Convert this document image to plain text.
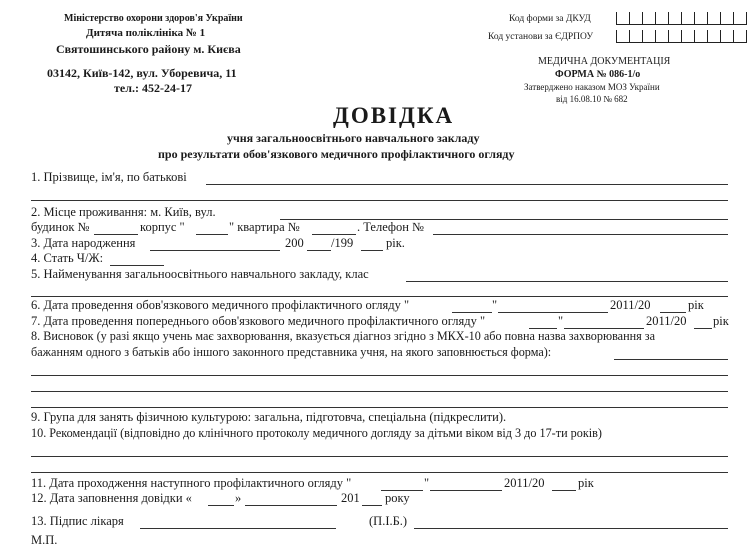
Міністерство охорони здоров'я України
Дитяча поліклініка № 1
Святошинського району м. Києва
03142, Київ-142, вул. Уборевича, 11
тел.: 452-24-17
Код форми за ДКУД
Код установи за ЄДРПОУ
МЕДИЧНА ДОКУМЕНТАЦІЯ
ФОРМА № 086-1/о
Затверджено наказом МОЗ України
від 16.08.10 № 682
ДОВІДКА
учня загальноосвітнього навчального закладу
про результати обов'язкового медичного профілактичного огляду
1. Прізвище, ім'я, по батькові
2. Місце проживання: м. Київ, вул.
будинок №	корпус "	" квартира №	. Телефон №
3. Дата народження	200 /199	рік.
4. Стать Ч/Ж:
5. Найменування загальноосвітнього навчального закладу, клас
6. Дата проведення обов'язкового медичного профілактичного огляду "	"	2011/20	рік
7. Дата проведення попереднього обов'язкового медичного профілактичного огляду "	"	2011/20 рік
8. Висновок (у разі якщо учень має захворювання, вказується діагноз згідно з МКХ-10 або повна назва захворювання за
бажанням одного з батьків або іншого законного представника учня, на якого заповнюється форма):
9. Група для занять фізичною культурою: загальна, підготовча, спеціальна (підкреслити).
10. Рекомендації (відповідно до клінічного протоколу медичного догляду за дітьми віком від 3 до 17-ти років)
11. Дата проходження наступного профілактичного огляду "	"	2011/20	рік
12. Дата заповнення довідки «	»	201 року
13. Підпис лікаря	(П.І.Б.)
М.П.
